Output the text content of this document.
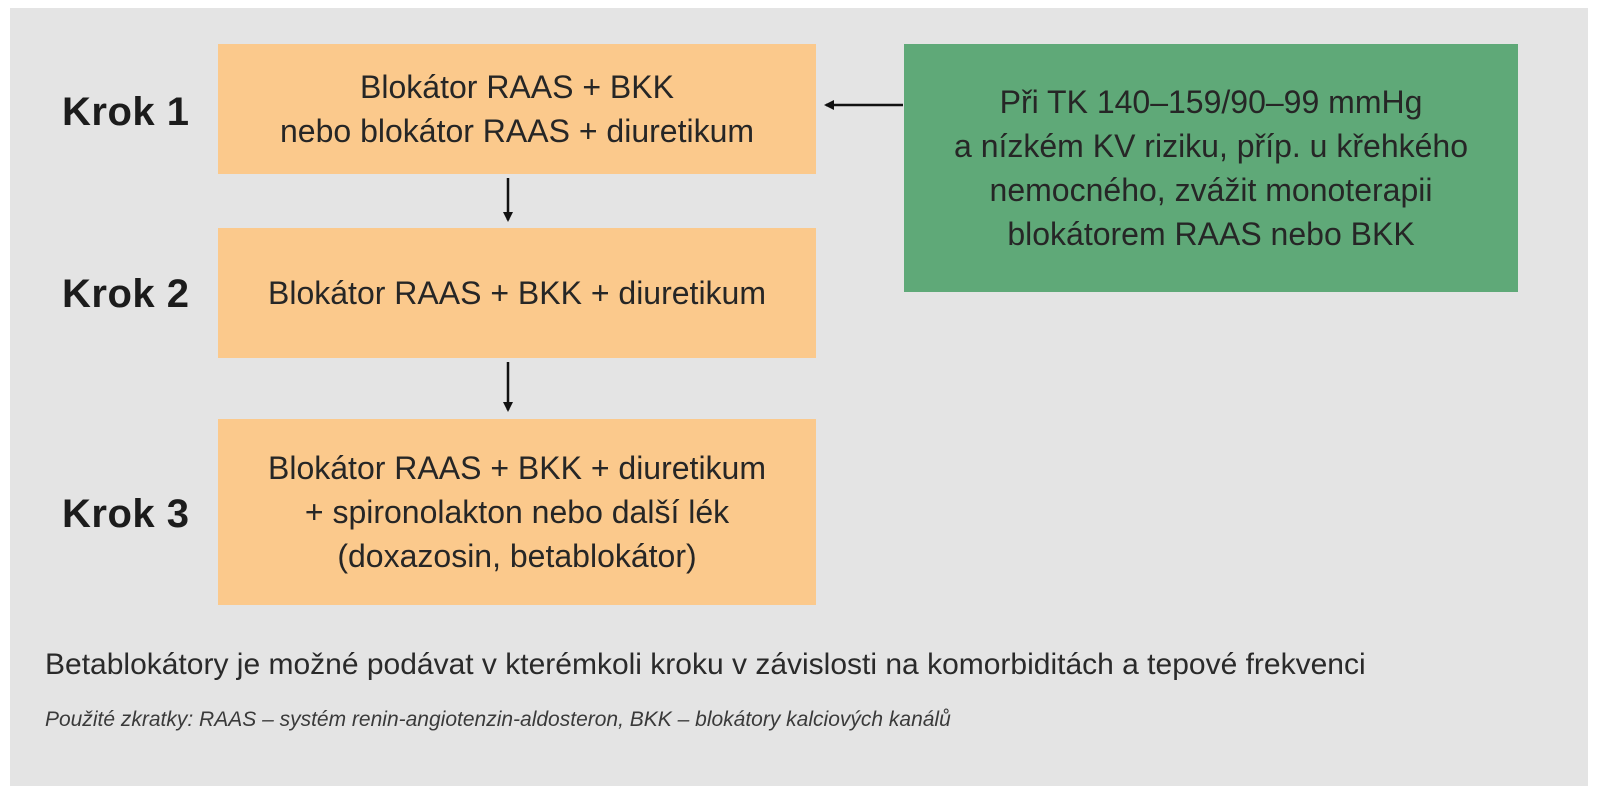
Krok 1
Krok 2
Krok 3
Blokátor RAAS + BKK
nebo blokátor RAAS + diuretikum
Blokátor RAAS + BKK + diuretikum
Blokátor RAAS + BKK + diuretikum
+ spironolakton nebo další lék
(doxazosin, betablokátor)
Při TK 140–159/90–99 mmHg
a nízkém KV riziku, příp. u křehkého
nemocného, zvážit monoterapii
blokátorem RAAS nebo BKK
Betablokátory je možné podávat v kterémkoli kroku v závislosti na komorbiditách a tepové frekvenci
Použité zkratky: RAAS – systém renin-angiotenzin-aldosteron, BKK – blokátory kalciových kanálů
